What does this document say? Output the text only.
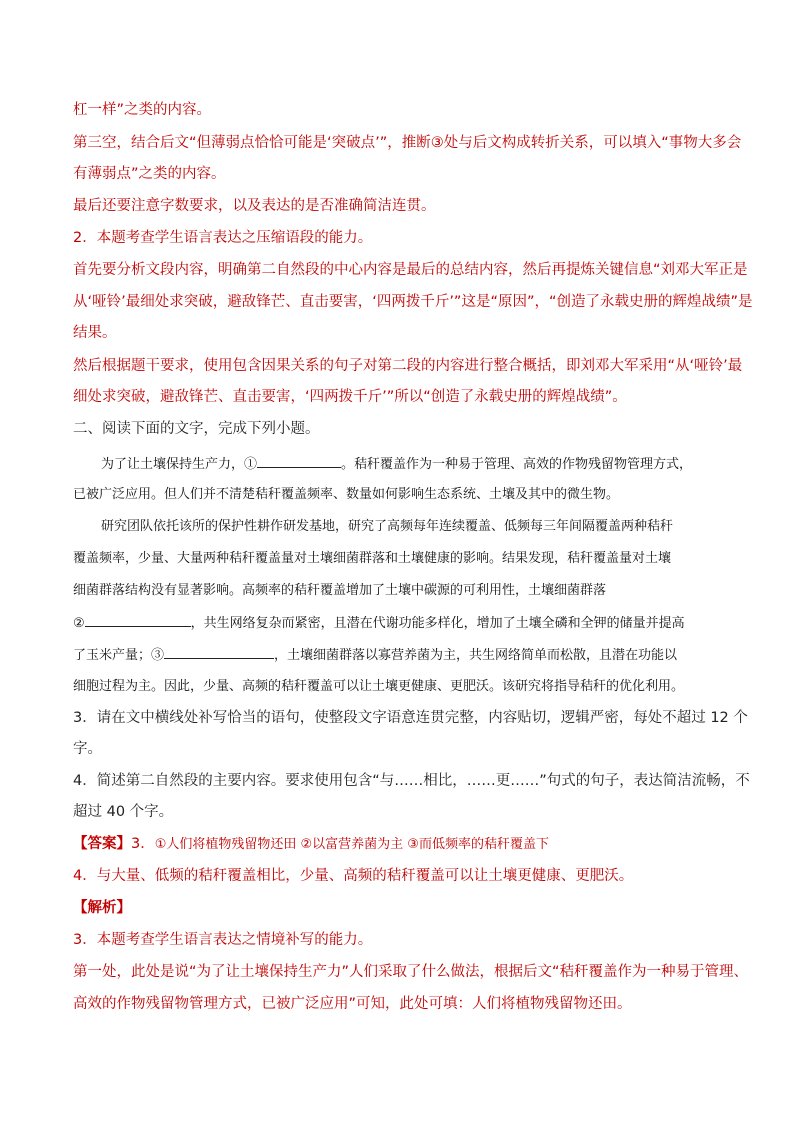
杠一样”之类的内容。
第三空，结合后文“但薄弱点恰恰可能是‘突破点’”，推断③处与后文构成转折关系，可以填入“事物大多会
有薄弱点”之类的内容。
最后还要注意字数要求，以及表达的是否准确简洁连贯。
2．本题考查学生语言表达之压缩语段的能力。
首先要分析文段内容，明确第二自然段的中心内容是最后的总结内容，然后再提炼关键信息“刘邓大军正是
从‘哑铃’最细处求突破，避敌锋芒、直击要害，‘四两拨千斤’”这是“原因”，“创造了永载史册的辉煌战绩”是
结果。
然后根据题干要求，使用包含因果关系的句子对第二段的内容进行整合概括，即刘邓大军采用“从‘哑铃’最
细处求突破，避敌锋芒、直击要害，‘四两拨千斤’”所以“创造了永载史册的辉煌战绩”。
二、阅读下面的文字，完成下列小题。
为了让土壤保持生产力，①	。秸秆覆盖作为一种易于管理、高效的作物残留物管理方式，
已被广泛应用。但人们并不清楚秸秆覆盖频率、数量如何影响生态系统、土壤及其中的微生物。
研究团队依托该所的保护性耕作研发基地，研究了高频每年连续覆盖、低频每三年间隔覆盖两种秸秆
覆盖频率，少量、大量两种秸秆覆盖量对土壤细菌群落和土壤健康的影响。结果发现，秸秆覆盖量对土壤
细菌群落结构没有显著影响。高频率的秸秆覆盖增加了土壤中碳源的可利用性，土壤细菌群落
②	，共生网络复杂而紧密，且潜在代谢功能多样化，增加了土壤全磷和全钾的储量并提高
了玉米产量；③	，土壤细菌群落以寡营养菌为主，共生网络简单而松散，且潜在功能以
细胞过程为主。因此，少量、高频的秸秆覆盖可以让土壤更健康、更肥沃。该研究将指导秸秆的优化利用。
3．请在文中横线处补写恰当的语句，使整段文字语意连贯完整，内容贴切，逻辑严密，每处不超过 12 个
字。
4．简述第二自然段的主要内容。要求使用包含“与……相比，……更……”句式的句子，表达简洁流畅，不
超过 40 个字。
【答案】3．①人们将植物残留物还田 ②以富营养菌为主 ③而低频率的秸秆覆盖下
4．与大量、低频的秸秆覆盖相比，少量、高频的秸秆覆盖可以让土壤更健康、更肥沃。
【解析】
3．本题考查学生语言表达之情境补写的能力。
第一处，此处是说“为了让土壤保持生产力”人们采取了什么做法，根据后文“秸秆覆盖作为一种易于管理、
高效的作物残留物管理方式，已被广泛应用”可知，此处可填：人们将植物残留物还田。
